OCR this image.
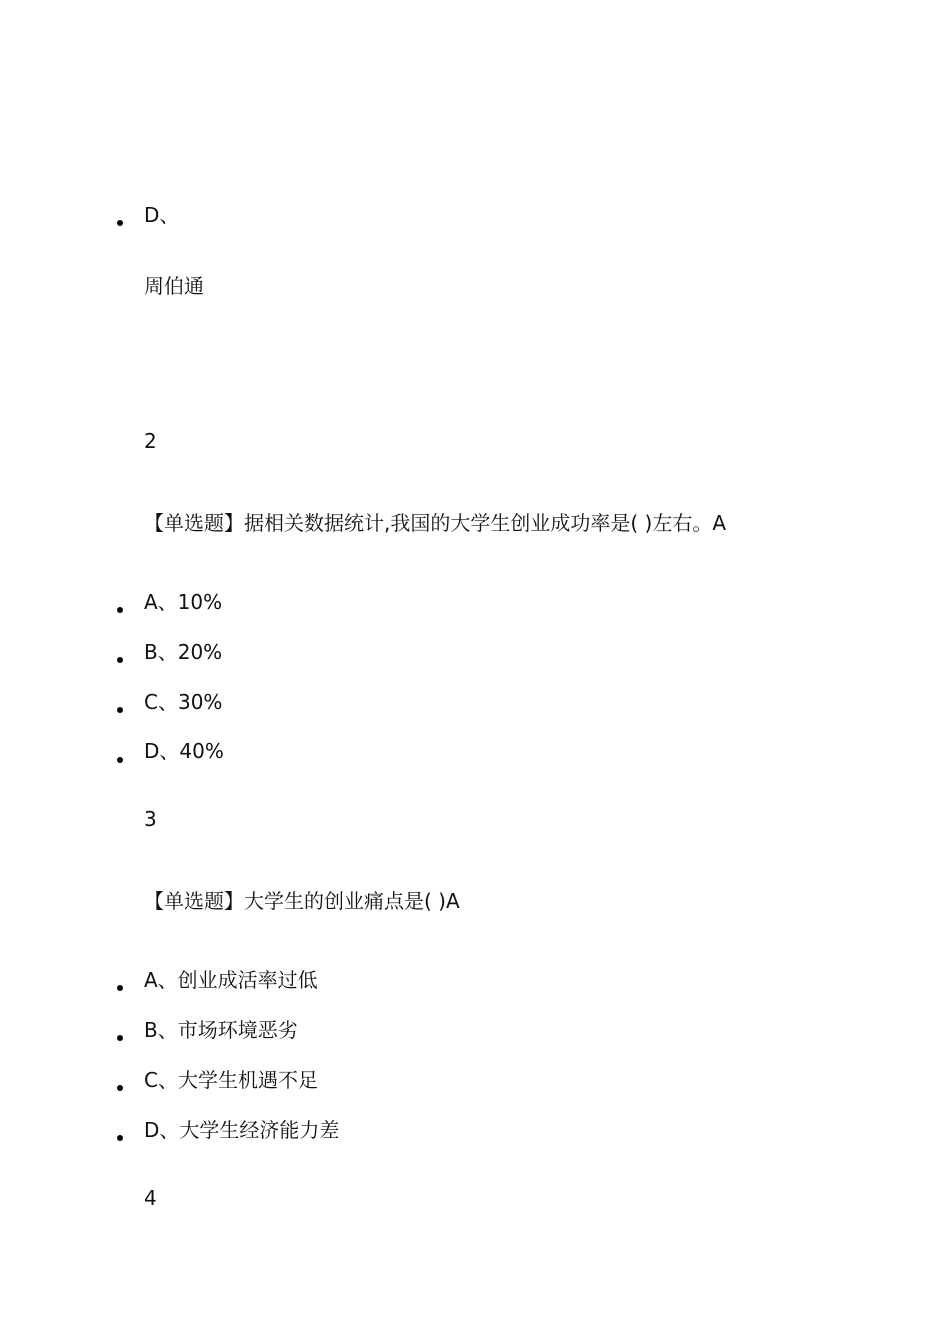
D、
周伯通
2
【单选题】据相关数据统计,我国的大学生创业成功率是( )左右。A
A、10%
B、20%
C、30%
D、40%
3
【单选题】大学生的创业痛点是( )A
A、创业成活率过低
B、市场环境恶劣
C、大学生机遇不足
D、大学生经济能力差
4
